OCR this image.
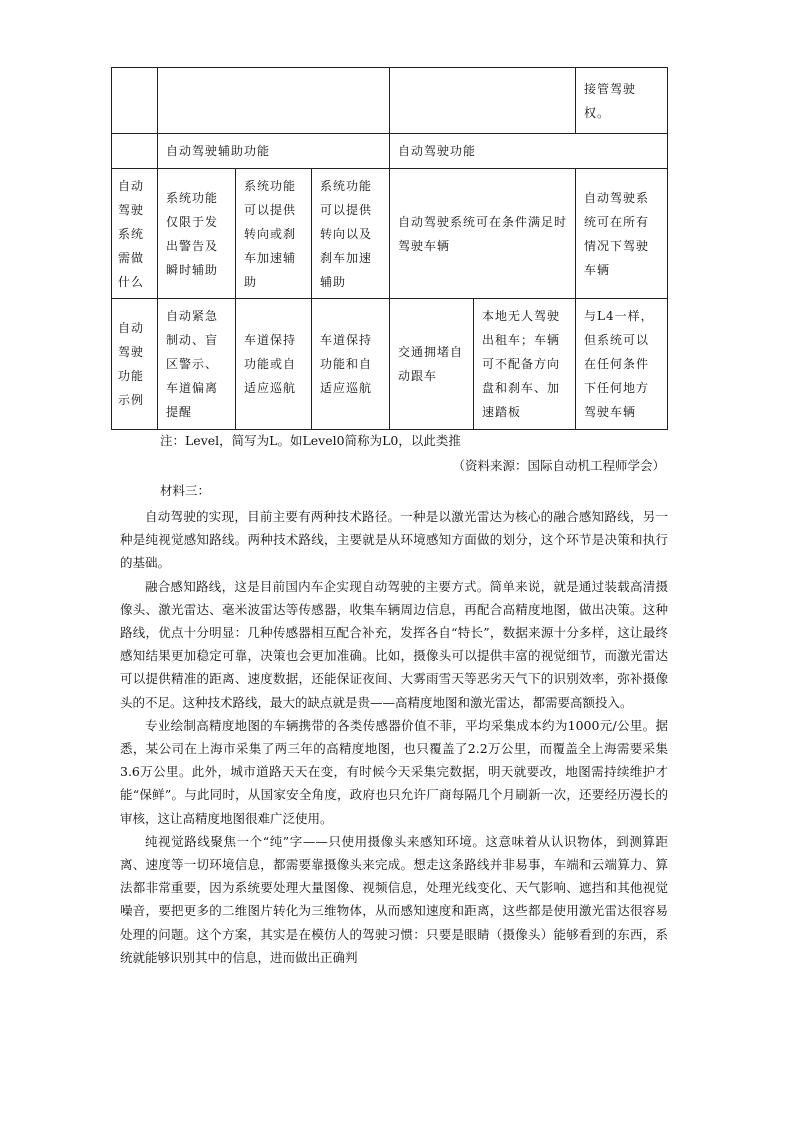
						接管驾驶权。
	自动驾驶辅助功能			自动驾驶功能		
自动驾驶系统需做什么	系统功能仅限于发出警告及瞬时辅助	系统功能可以提供转向或刹车加速辅助	系统功能可以提供转向以及刹车加速辅助	自动驾驶系统可在条件满足时驾驶车辆		自动驾驶系统可在所有情况下驾驶车辆
自动驾驶功能示例	自动紧急制动、盲区警示、车道偏离提醒	车道保持功能或自适应巡航	车道保持功能和自适应巡航	交通拥堵自动跟车	本地无人驾驶出租车；车辆可不配备方向盘和刹车、加速踏板	与L4一样，但系统可以在任何条件下任何地方驾驶车辆
注：Level，简写为L。如Level0简称为L0，以此类推
（资料来源：国际自动机工程师学会）
材料三：

自动驾驶的实现，目前主要有两种技术路径。一种是以激光雷达为核心的融合感知路线，另一种是纯视觉感知路线。两种技术路线，主要就是从环境感知方面做的划分，这个环节是决策和执行的基础。

融合感知路线，这是目前国内车企实现自动驾驶的主要方式。简单来说，就是通过装载高清摄像头、激光雷达、毫米波雷达等传感器，收集车辆周边信息，再配合高精度地图，做出决策。这种路线，优点十分明显：几种传感器相互配合补充，发挥各自“特长”，数据来源十分多样，这让最终感知结果更加稳定可靠，决策也会更加准确。比如，摄像头可以提供丰富的视觉细节，而激光雷达可以提供精准的距离、速度数据，还能保证夜间、大雾雨雪天等恶劣天气下的识别效率，弥补摄像头的不足。这种技术路线，最大的缺点就是贵——高精度地图和激光雷达，都需要高额投入。

专业绘制高精度地图的车辆携带的各类传感器价值不菲，平均采集成本约为1000元/公里。据悉，某公司在上海市采集了两三年的高精度地图，也只覆盖了2.2万公里，而覆盖全上海需要采集3.6万公里。此外，城市道路天天在变，有时候今天采集完数据，明天就要改，地图需持续维护才能“保鲜”。与此同时，从国家安全角度，政府也只允许厂商每隔几个月刷新一次，还要经历漫长的审核，这让高精度地图很难广泛使用。

纯视觉路线聚焦一个“纯”字——只使用摄像头来感知环境。这意味着从认识物体，到测算距离、速度等一切环境信息，都需要靠摄像头来完成。想走这条路线并非易事，车端和云端算力、算法都非常重要，因为系统要处理大量图像、视频信息，处理光线变化、天气影响、遮挡和其他视觉噪音，要把更多的二维图片转化为三维物体，从而感知速度和距离，这些都是使用激光雷达很容易处理的问题。这个方案，其实是在模仿人的驾驶习惯：只要是眼睛（摄像头）能够看到的东西，系统就能够识别其中的信息，进而做出正确判
